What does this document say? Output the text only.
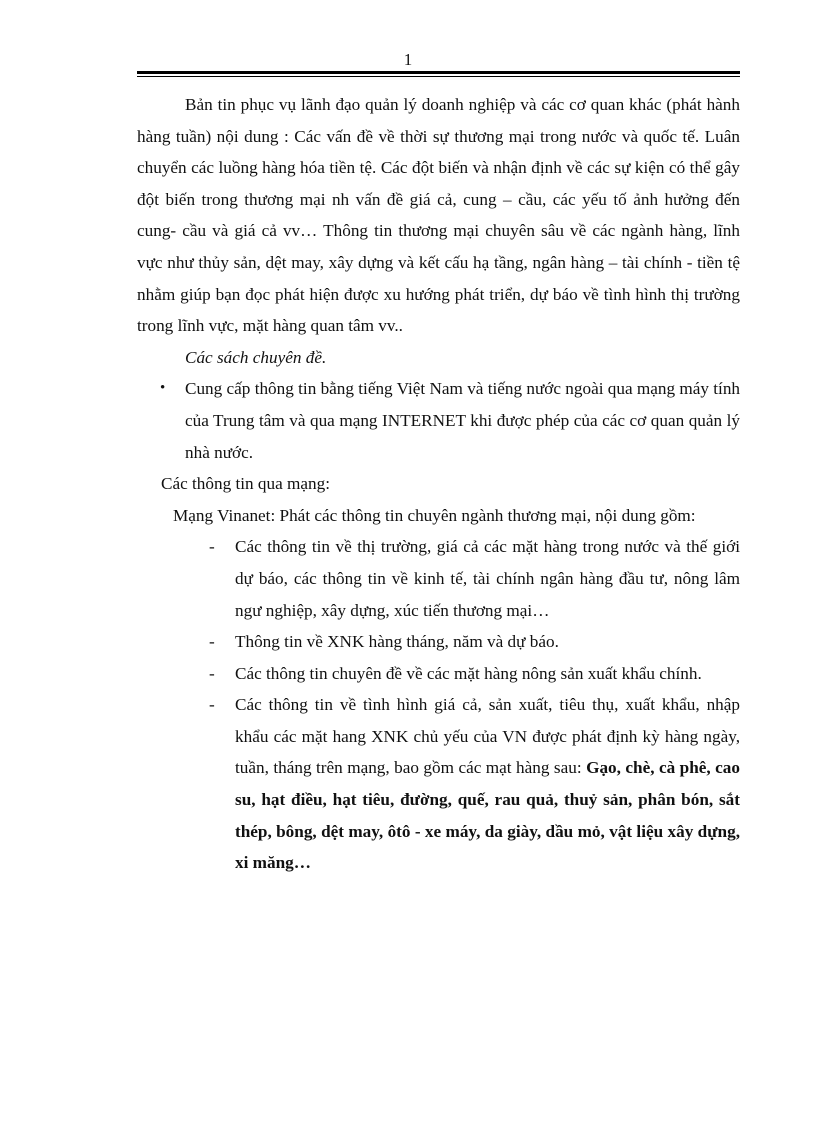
1

Bản tin phục vụ lãnh đạo quản lý doanh nghiệp và các cơ quan khác (phát hành hàng tuần) nội dung : Các vấn đề về thời sự thương mại trong nước và quốc tế. Luân chuyển các luồng hàng hóa tiền tệ. Các đột biến và nhận định về các sự kiện có thể gây đột biến trong thương mại nh vấn đề giá cả, cung – cầu, các yếu tố ảnh hưởng đến cung- cầu và giá cả vv… Thông tin thương mại chuyên sâu về các ngành hàng, lĩnh vực như thủy sản, dệt may, xây dựng và kết cấu hạ tầng, ngân hàng – tài chính - tiền tệ nhằm giúp bạn đọc phát hiện được xu hướng phát triển, dự báo về tình hình thị trường trong lĩnh vực, mặt hàng quan tâm vv..

Các sách chuyên đề.

• Cung cấp thông tin bằng tiếng Việt Nam và tiếng nước ngoài qua mạng máy tính của Trung tâm và qua mạng INTERNET khi được phép của các cơ quan quản lý nhà nước.

Các thông tin qua mạng:

Mạng Vinanet: Phát các thông tin chuyên ngành thương mại, nội dung gồm:

- Các thông tin về thị trường, giá cả các mặt hàng trong nước và thế giới dự báo, các thông tin về kinh tế, tài chính ngân hàng đầu tư, nông lâm ngư nghiệp, xây dựng, xúc tiến thương mại…
- Thông tin về XNK hàng tháng, năm và dự báo.
- Các thông tin chuyên đề về các mặt hàng nông sản xuất khẩu chính.
- Các thông tin về tình hình giá cả, sản xuất, tiêu thụ, xuất khẩu, nhập khẩu các mặt hang XNK chủ yếu của VN được phát định kỳ hàng ngày, tuần, tháng trên mạng, bao gồm các mạt hàng sau: Gạo, chè, cà phê, cao su, hạt điều, hạt tiêu, đường, quế, rau quả, thuỷ sản, phân bón, sắt thép, bông, dệt may, ôtô - xe máy, da giày, dầu mỏ, vật liệu xây dựng, xi măng…
